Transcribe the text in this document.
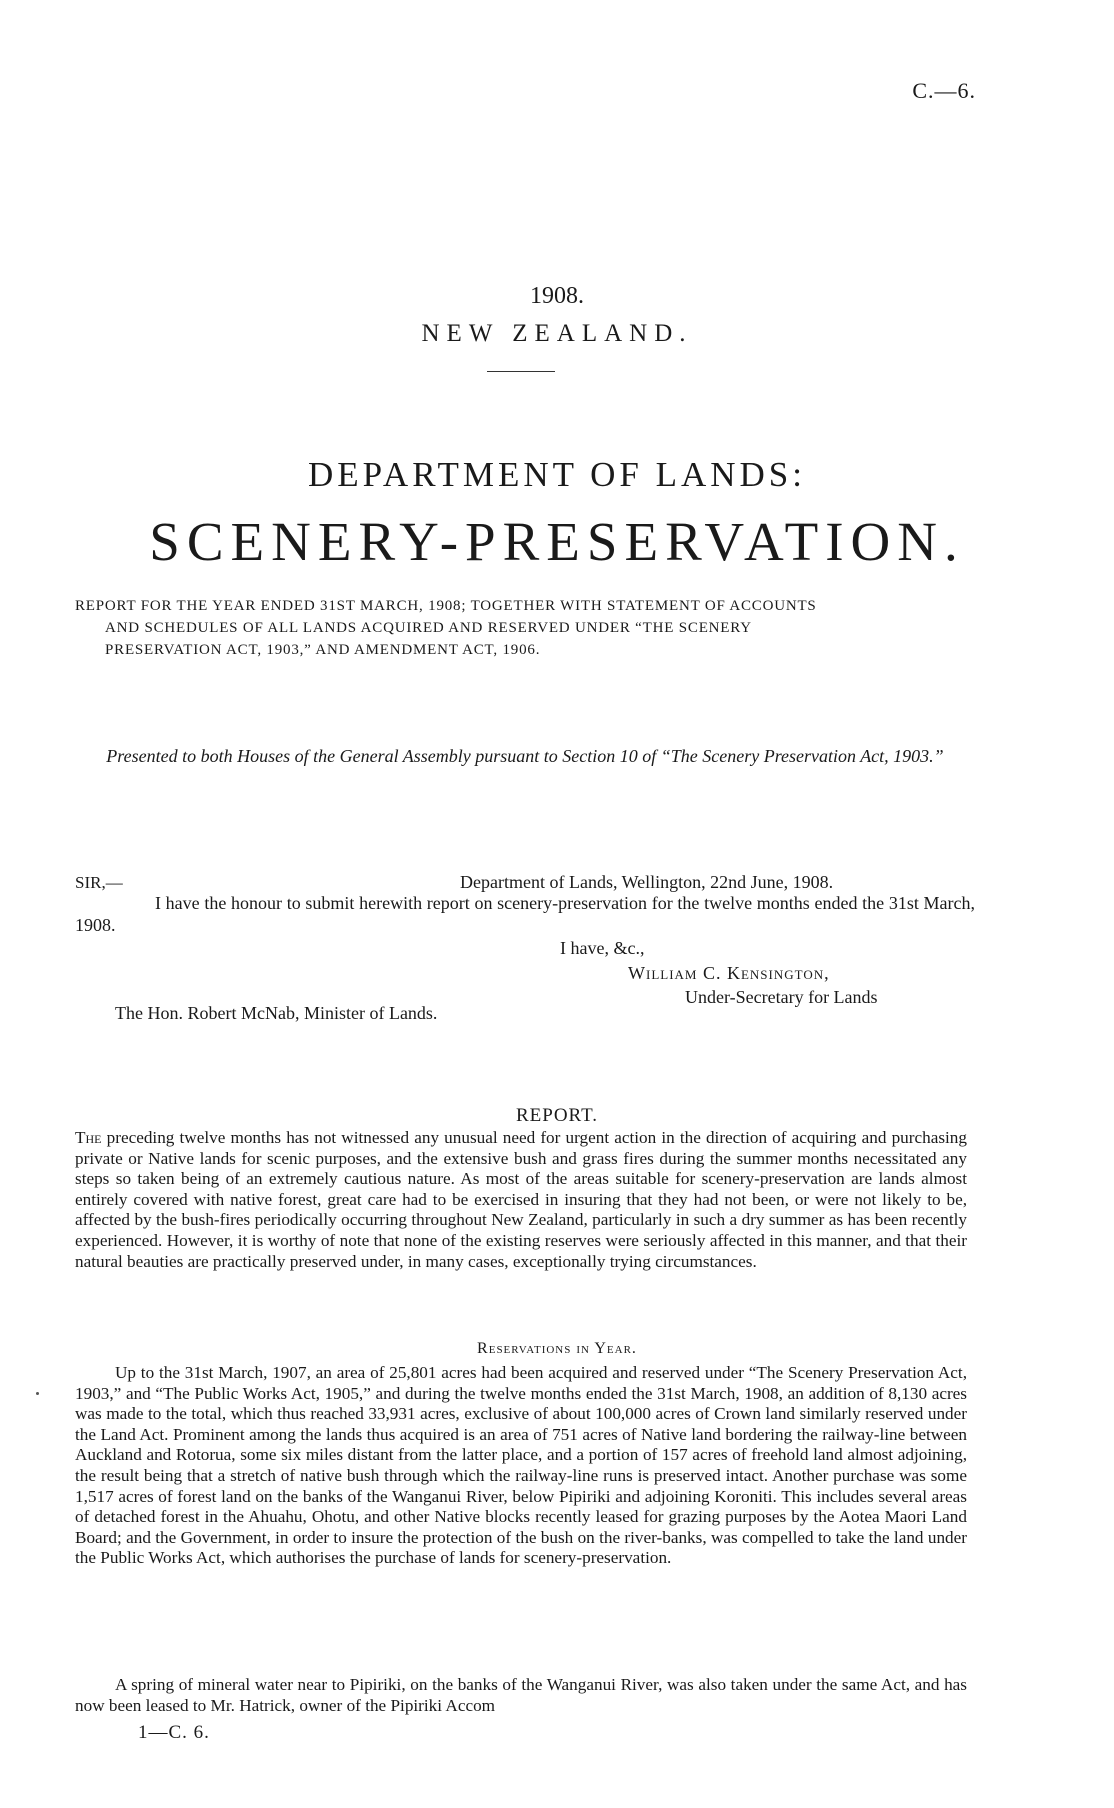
C.—6.
1908.
NEW ZEALAND.
DEPARTMENT OF LANDS:
SCENERY-PRESERVATION.
REPORT FOR THE YEAR ENDED 31ST MARCH, 1908; TOGETHER WITH STATEMENT OF ACCOUNTS
AND SCHEDULES OF ALL LANDS ACQUIRED AND RESERVED UNDER “THE SCENERY
PRESERVATION ACT, 1903,” AND AMENDMENT ACT, 1906.
Presented to both Houses of the General Assembly pursuant to Section 10 of “The Scenery Preservation Act, 1903.”
SIR,—	Department of Lands, Wellington, 22nd June, 1908.
I have the honour to submit herewith report on scenery-preservation for the twelve months ended the 31st March, 1908.
I have, &c.,
William C. Kensington,
Under-Secretary for Lands
The Hon. Robert McNab, Minister of Lands.
REPORT.
The preceding twelve months has not witnessed any unusual need for urgent action in the direction of acquiring and purchasing private or Native lands for scenic purposes, and the extensive bush and grass fires during the summer months necessitated any steps so taken being of an extremely cautious nature. As most of the areas suitable for scenery-preservation are lands almost entirely covered with native forest, great care had to be exercised in insuring that they had not been, or were not likely to be, affected by the bush-fires periodically occurring throughout New Zealand, particularly in such a dry summer as has been recently experienced. However, it is worthy of note that none of the existing reserves were seriously affected in this manner, and that their natural beauties are practically preserved under, in many cases, exceptionally trying circumstances.
Reservations in Year.
Up to the 31st March, 1907, an area of 25,801 acres had been acquired and reserved under “The Scenery Preservation Act, 1903,” and “The Public Works Act, 1905,” and during the twelve months ended the 31st March, 1908, an addition of 8,130 acres was made to the total, which thus reached 33,931 acres, exclusive of about 100,000 acres of Crown land similarly reserved under the Land Act. Prominent among the lands thus acquired is an area of 751 acres of Native land bordering the railway-line between Auckland and Rotorua, some six miles distant from the latter place, and a portion of 157 acres of freehold land almost adjoining, the result being that a stretch of native bush through which the railway-line runs is preserved intact. Another purchase was some 1,517 acres of forest land on the banks of the Wanganui River, below Pipiriki and adjoining Koroniti. This includes several areas of detached forest in the Ahuahu, Ohotu, and other Native blocks recently leased for grazing purposes by the Aotea Maori Land Board; and the Government, in order to insure the protection of the bush on the river-banks, was compelled to take the land under the Public Works Act, which authorises the purchase of lands for scenery-preservation.
A spring of mineral water near to Pipiriki, on the banks of the Wanganui River, was also taken under the same Act, and has now been leased to Mr. Hatrick, owner of the Pipiriki Accom
1—C. 6.
